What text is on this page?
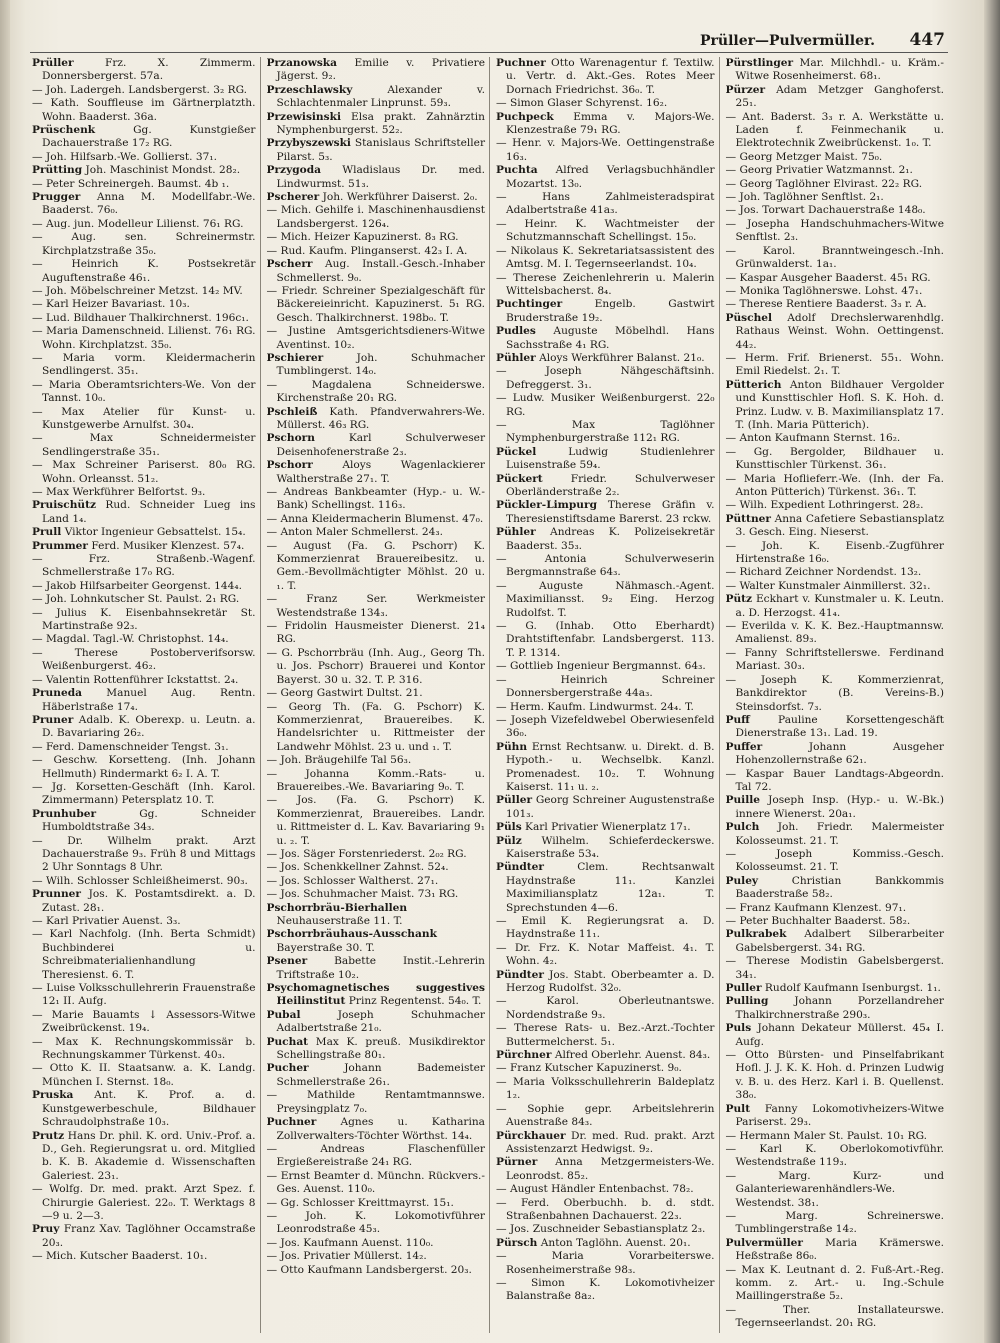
Prüller—Pulvermüller. 447

Prüller	Frz. X. Zimmerm. Donnersbergerst. 57a.

— Joh. Ladergeh. Landsbergerst. 3₂ RG.

— Kath. Souffleuse im Gärtnerplatzth. Wohn. Baaderst. 36a.

Prüschenk	Gg. Kunstgießer Dachauerstraße 17₂ RG.

— Joh. Hilfsarb.-We. Gollierst. 37₁.

Prütting Joh. Maschinist Mondst. 28₂.

— Peter Schreinergeh. Baumst. 4b ₁.

Prugger Anna M. Modellfabr.-We. Baaderst. 76₀.

— Aug. jun. Modelleur Lilienst. 76₁ RG.

— Aug. sen. Schreinermstr. Kirchplatzstraße 35₀.

— Heinrich K. Postsekretär Auguftenstraße 46₁.

— Joh. Möbelschreiner Metzst. 14₂ MV.

— Karl Heizer Bavariast. 10₃.

— Lud. Bildhauer Thalkirchnerst. 196c₁.

— Maria Damenschneid. Lilienst. 76₁ RG. Wohn. Kirchplatzst. 35₀.

— Maria vorm. Kleidermacherin Sendlingerst. 35₁.

— Maria Oberamtsrichters-We. Von der Tannst. 10₀.

— Max Atelier für Kunst- u. Kunstgewerbe Arnulfst. 30₄.

— Max Schneidermeister Sendlingerstraße 35₁.

— Max Schreiner Pariserst. 80₀ RG. Wohn. Orleansst. 51₂.

— Max Werkführer Belfortst. 9₃.

Pruischütz Rud. Schneider Lueg ins Land 1₄.

Prull Viktor Ingenieur Gebsattelst. 15₄.

Prummer Ferd. Musiker Klenzest. 57₄.

— Frz. Straßenb.-Wagenf. Schmellerstraße 17₀ RG.

— Jakob Hilfsarbeiter Georgenst. 144₄.

— Joh. Lohnkutscher St. Paulst. 2₁ RG.

— Julius K. Eisenbahnsekretär St. Martinstraße 92₃.

— Magdal. Tagl.-W. Christophst. 14₄.

— Therese Postoberverifsorsw. Weißenburgerst. 46₂.

— Valentin Rottenführer Ickstattst. 2₄.

Pruneda Manuel Aug. Rentn. Häberlstraße 17₄.

Pruner Adalb. K. Oberexp. u. Leutn. a. D. Bavariaring 26₂.

— Ferd. Damenschneider Tengst. 3₁.

— Geschw. Korsetteng. (Inh. Johann Hellmuth) Rindermarkt 6₂ I. A. T.

— Jg. Korsetten-Geschäft (Inh. Karol. Zimmermann) Petersplatz 10. T.

Prunhuber	Gg. Schneider Humboldtstraße 34₃.

— Dr. Wilhelm prakt. Arzt Dachauerstraße 9₃. Früh 8 und Mittags 2 Uhr Sonntags 8 Uhr.

— Wilh. Schlosser Schleißheimerst. 90₃.

Prunner Jos. K. Postamtsdirekt. a. D. Zutast. 28₁.

— Karl Privatier Auenst. 3₃.

— Karl Nachfolg. (Inh. Berta Schmidt) Buchbinderei u. Schreibmaterialienhandlung Theresienst. 6. T.

— Luise Volksschullehrerin Frauenstraße 12₁ II. Aufg.

— Marie Bauamts ↓ Assessors-Witwe Zweibrückenst. 19₄.

— Max K. Rechnungskommissär b. Rechnungskammer Türkenst. 40₃.

— Otto K. II. Staatsanw. a. K. Landg. München I. Sternst. 18₀.

Pruska Ant. K. Prof. a. d. Kunstgewerbeschule, Bildhauer Schraudolphstraße 10₃.

Prutz Hans Dr. phil. K. ord. Univ.-Prof. a. D., Geh. Regierungsrat u. ord. Mitglied b. K. B. Akademie d. Wissenschaften Galeriest. 23₁.

— Wolfg. Dr. med. prakt. Arzt Spez. f. Chirurgie Galeriest. 22₀. T. Werktags 8—9 u. 2—3.

Pruy Franz Xav. Taglöhner Occamstraße 20₃.

— Mich. Kutscher Baaderst. 10₁.

Przanowska Emilie v. Privatiere Jägerst. 9₂.

Przeschlawsky	Alexander v. Schlachtenmaler Linprunst. 59₃.

Przewisinski Elsa prakt. Zahnärztin Nymphenburgerst. 52₂.

Przybyszewski Stanislaus Schriftsteller Pilarst. 5₃.

Przygoda Wladislaus Dr. med. Lindwurmst. 51₃.

Pscherer Joh. Werkführer Daiserst. 2₀.

— Mich. Gehilfe i. Maschinenhausdienst Landsbergerst. 126₄.

— Mich. Heizer Kapuzinerst. 8₃ RG.

— Rud. Kaufm. Plinganserst. 42₃ I. A.

Pscherr Aug. Install.-Gesch.-Inhaber Schmellerst. 9₀.

— Friedr. Schreiner Spezialgeschäft für Bäckereieinricht. Kapuzinerst. 5₁ RG. Gesch. Thalkirchnerst. 198b₀. T.

— Justine Amtsgerichtsdieners-Witwe Aventinst. 10₂.

Pschierer	Joh. Schuhmacher Tumblingerst. 14₀.

— Magdalena Schneiderswe. Kirchenstraße 20₁ RG.

Pschleiß Kath. Pfandverwahrers-We. Müllerst. 46₃ RG.

Pschorn	Karl Schulverweser Deisenhofenerstraße 2₃.

Pschorr	Aloys Wagenlackierer Waltherstraße 27₁. T.

— Andreas Bankbeamter (Hyp.- u. W.-Bank) Schellingst. 116₃.

— Anna Kleidermacherin Blumenst. 47₀.

— Anton Maler Schmellerst. 24₃.

— August (Fa. G. Pschorr) K. Kommerzienrat Brauereibesitz. u. Gem.-Bevollmächtigter Möhlst. 20 u. ₁. T.

— Franz Ser. Werkmeister Westendstraße 134₃.

— Fridolin Hausmeister Dienerst. 21₄ RG.

— G. Pschorrbräu (Inh. Aug., Georg Th. u. Jos. Pschorr) Brauerei und Kontor Bayerst. 30 u. 32. T. P. 316.

— Georg Gastwirt Dultst. 21.

— Georg Th. (Fa. G. Pschorr) K. Kommerzienrat, Brauereibes. K. Handelsrichter u. Rittmeister der Landwehr Möhlst. 23 u. und ₁. T.

— Joh. Bräugehilfe Tal 56₃.

— Johanna Komm.-Rats- u. Brauereibes.-We. Bavariaring 9₀. T.

— Jos. (Fa. G. Pschorr) K. Kommerzienrat, Brauereibes. Landr. u. Rittmeister d. L. Kav. Bavariaring 9₁ u. ₂. T.

— Jos. Säger Forstenriederst. 2₀₂ RG.

— Jos. Schenkkellner Zahnst. 52₄.

— Jos. Schlosser Waltherst. 27₁.

— Jos. Schuhmacher Maist. 73₁ RG.

Pschorrbräu-Bierhallen Neuhauserstraße 11. T.

Pschorrbräuhaus-Ausschank Bayerstraße 30. T.

Psener	Babette Instit.-Lehrerin Triftstraße 10₂.

Psychomagnetisches suggestives Heilinstitut Prinz Regentenst. 54₀. T.

Pubal	Joseph Schuhmacher Adalbertstraße 21₀.

Puchat Max K. preuß. Musikdirektor Schellingstraße 80₁.

Pucher	Johann Bademeister Schmellerstraße 26₁.

— Mathilde Rentamtmannswe. Preysingplatz 7₀.

Puchner Agnes u. Katharina Zollverwalters-Töchter Wörthst. 14₄.

— Andreas Flaschenfüller Ergießereistraße 24₁ RG.

— Ernst Beamter d. Münchn. Rückvers.-Ges. Auenst. 110₀.

— Gg. Schlosser Kreittmayrst. 15₁.

— Joh. K. Lokomotivführer Leonrodstraße 45₃.

— Jos. Kaufmann Auenst. 110₀.

— Jos. Privatier Müllerst. 14₂.

— Otto Kaufmann Landsbergerst. 20₃.

Puchner Otto Warenagentur f. Textilw. u. Vertr. d. Akt.-Ges. Rotes Meer Dornach Friedrichst. 36₀. T.

— Simon Glaser Schyrenst. 16₂.

Puchpeck Emma v. Majors-We. Klenzestraße 79₁ RG.

— Henr. v. Majors-We. Oettingenstraße 16₃.

Puchta Alfred Verlagsbuchhändler Mozartst. 13₀.

— Hans Zahlmeisteradspirat Adalbertstraße 41a₃.

— Heinr. K. Wachtmeister der Schutzmannschaft Schellingst. 15₀.

— Nikolaus K. Sekretariatsassistent des Amtsg. M. I. Tegernseerlandst. 10₄.

— Therese Zeichenlehrerin u. Malerin Wittelsbacherst. 8₄.

Puchtinger	Engelb. Gastwirt Bruderstraße 19₂.

Pudles Auguste Möbelhdl. Hans Sachsstraße 4₁ RG.

Pühler Aloys Werkführer Balanst. 21₀.

— Joseph Nähgeschäftsinh. Defreggerst. 3₁.

— Ludw. Musiker Weißenburgerst. 22₀ RG.

— Max Taglöhner Nymphenburgerstraße 112₁ RG.

Pückel	Ludwig Studienlehrer Luisenstraße 59₄.

Pückert	Friedr. Schulverweser Oberländerstraße 2₂.

Pückler-Limpurg Therese Gräfin v. Theresienstiftsdame Barerst. 23 rckw.

Pühler Andreas K. Polizeisekretär Baaderst. 35₃.

— Antonia Schulverweserin Bergmannstraße 64₃.

— Auguste Nähmasch.-Agent. Maximiliansst. 9₂ Eing. Herzog Rudolfst. T.

— G. (Inhab. Otto Eberhardt) Drahtstiftenfabr. Landsbergerst. 113. T. P. 1314.

— Gottlieb Ingenieur Bergmannst. 64₃.

— Heinrich Schreiner Donnersbergerstraße 44a₃.

— Herm. Kaufm. Lindwurmst. 24₄. T.

— Joseph Vizefeldwebel Oberwiesenfeld 36₀.

Pühn Ernst Rechtsanw. u. Direkt. d. B. Hypoth.- u. Wechselbk. Kanzl. Promenadest. 10₂. T. Wohnung Kaiserst. 11₁ u. ₂.

Püller Georg Schreiner Augustenstraße 101₃.

Püls Karl Privatier Wienerplatz 17₁.

Pülz Wilhelm. Schieferdeckerswe. Kaiserstraße 53₄.

Pündter	Clem. Rechtsanwalt Haydnstraße 11₁. Kanzlei Maximiliansplatz 12a₁. T. Sprechstunden 4—6.

— Emil K. Regierungsrat a. D. Haydnstraße 11₁.

— Dr. Frz. K. Notar Maffeist. 4₁. T. Wohn. 4₂.

Pündter Jos. Stabt. Oberbeamter a. D. Herzog Rudolfst. 32₀.

— Karol. Oberleutnantswe. Nordendstraße 9₃.

— Therese Rats- u. Bez.-Arzt.-Tochter Buttermelcherst. 5₁.

Pürchner Alfred Oberlehr. Auenst. 84₃.

— Franz Kutscher Kapuzinerst. 9₀.

— Maria Volksschullehrerin Baldeplatz 1₂.

— Sophie gepr. Arbeitslehrerin Auenstraße 84₃.

Pürckhauer Dr. med. Rud. prakt. Arzt Assistenzarzt Hedwigst. 9₂.

Pürner Anna Metzgermeisters-We. Leonrodst. 85₂.

— August Händler Entenbachst. 78₂.

— Ferd. Oberbuchh. b. d. stdt. Straßenbahnen Dachauerst. 22₃.

— Jos. Zuschneider Sebastiansplatz 2₃.

Pürsch Anton Taglöhn. Auenst. 20₁.

— Maria Vorarbeiterswe. Rosenheimerstraße 98₃.

— Simon K. Lokomotivheizer Balanstraße 8a₂.

Pürstlinger Mar. Milchhdl.- u. Kräm.-Witwe Rosenheimerst. 68₁.

Pürzer Adam Metzger Ganghoferst. 25₁.

— Ant. Baderst. 3₃ r. A. Werkstätte u. Laden f. Feinmechanik u. Elektrotechnik Zweibrückenst. 1₀. T.

— Georg Metzger Maist. 75₀.

— Georg Privatier Watzmannst. 2₁.

— Georg Taglöhner Elvirast. 22₂ RG.

— Joh. Taglöhner Senftlst. 2₁.

— Jos. Torwart Dachauerstraße 148₀.

— Josepha Handschuhmachers-Witwe Senftlst. 2₃.

— Karol. Branntweingesch.-Inh. Grünwalderst. 1a₁.

— Kaspar Ausgeher Baaderst. 45₁ RG.

— Monika Taglöhnerswe. Lohst. 47₁.

— Therese Rentiere Baaderst. 3₃ r. A.

Püschel Adolf Drechslerwarenhdlg. Rathaus Weinst. Wohn. Oettingenst. 44₂.

— Herm. Frif. Brienerst. 55₁. Wohn. Emil Riedelst. 2₁. T.

Pütterich Anton Bildhauer Vergolder und Kunsttischler Hofl. S. K. Hoh. d. Prinz. Ludw. v. B. Maximiliansplatz 17. T. (Inh. Maria Pütterich).

— Anton Kaufmann Sternst. 16₂.

— Gg. Bergolder, Bildhauer u. Kunsttischler Türkenst. 36₁.

— Maria Hoflieferr.-We. (Inh. der Fa. Anton Pütterich) Türkenst. 36₁. T.

— Wilh. Expedient Lothringerst. 28₂.

Püttner Anna Cafetiere Sebastiansplatz 3. Gesch. Eing. Nieserst.

— Joh. K. Eisenb.-Zugführer Hirtenstraße 16₀.

— Richard Zeichner Nordendst. 13₂.

— Walter Kunstmaler Ainmillerst. 32₁.

Pütz Eckhart v. Kunstmaler u. K. Leutn. a. D. Herzogst. 41₄.

— Everilda v. K. K. Bez.-Hauptmannsw. Amalienst. 89₃.

— Fanny Schriftstellerswe. Ferdinand Mariast. 30₃.

— Joseph K. Kommerzienrat, Bankdirektor (B. Vereins-B.) Steinsdorfst. 7₃.

Puff	Pauline Korsettengeschäft Dienerstraße 13₁. Lad. 19.

Puffer	Johann Ausgeher Hohenzollernstraße 62₁.

— Kaspar Bauer Landtags-Abgeordn. Tal 72.

Puille Joseph Insp. (Hyp.- u. W.-Bk.) innere Wienerst. 20a₁.

Pulch Joh. Friedr. Malermeister Kolosseumst. 21. T.

— Joseph Kommiss.-Gesch. Kolosseumst. 21. T.

Puley	Christian Bankkommis Baaderstraße 58₂.

— Franz Kaufmann Klenzest. 97₁.

— Peter Buchhalter Baaderst. 58₂.

Pulkrabek Adalbert Silberarbeiter Gabelsbergerst. 34₁ RG.

— Therese Modistin Gabelsbergerst. 34₁.

Puller Rudolf Kaufmann Isenburgst. 1₁.

Pulling Johann Porzellandreher Thalkirchnerstraße 290₃.

Puls Johann Dekateur Müllerst. 45₄ I. Aufg.

— Otto Bürsten- und Pinselfabrikant Hofl. J. J. K. K. Hoh. d. Prinzen Ludwig v. B. u. des Herz. Karl i. B. Quellenst. 38₀.

Pult Fanny Lokomotivheizers-Witwe Pariserst. 29₃.

— Hermann Maler St. Paulst. 10₁ RG.

— Karl K. Oberlokomotivführ. Westendstraße 119₃.

— Marg. Kurz- und Galanteriewarenhändlers-We. Westendst. 38₁.

— Marg. Schreinerswe. Tumblingerstraße 14₂.

Pulvermüller Maria Krämerswe. Heßstraße 86₀.

— Max K. Leutnant d. 2. Fuß-Art.-Reg. komm. z. Art.- u. Ing.-Schule Maillingerstraße 5₂.

— Ther. Installateurswe. Tegernseerlandst. 20₁ RG.
